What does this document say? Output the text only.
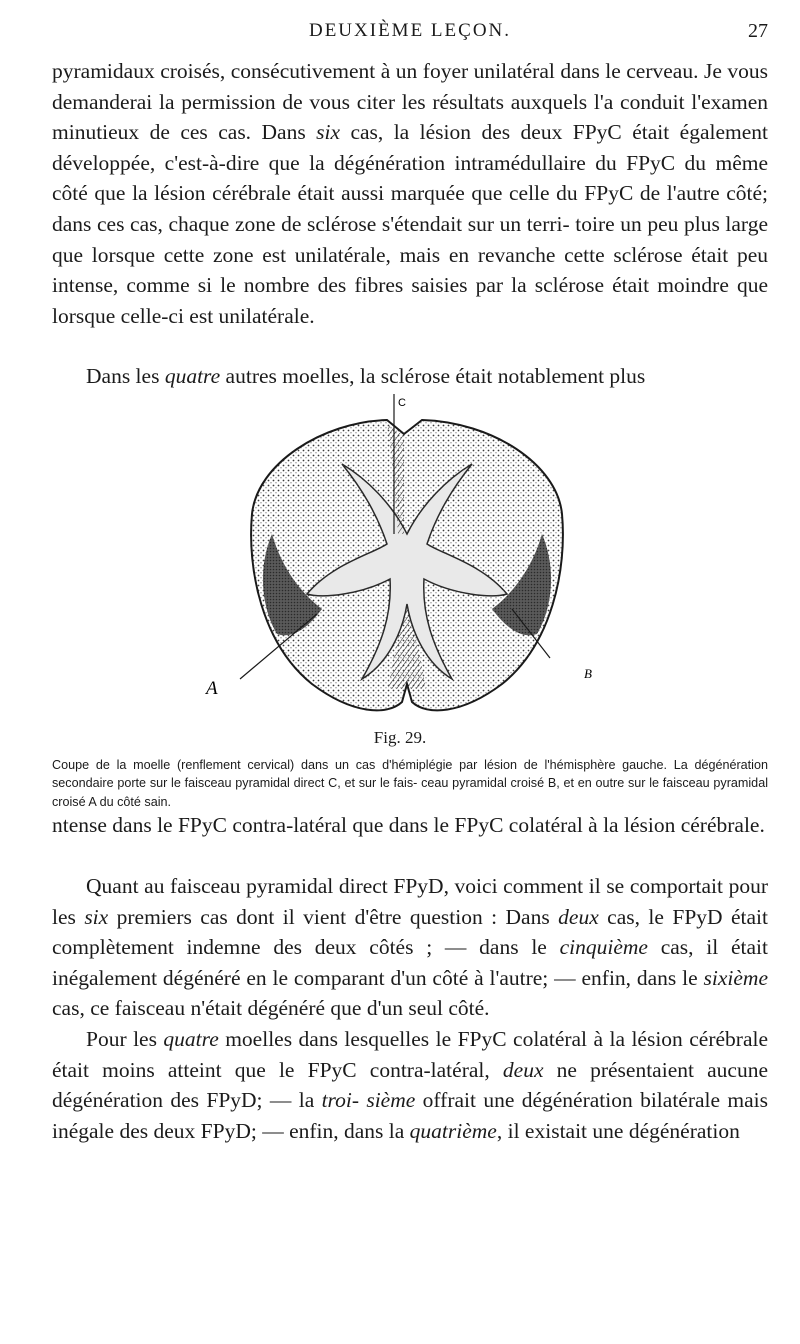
DEUXIÈME LEÇON.	27

pyramidaux croisés, consécutivement à un foyer unilatéral dans le cerveau. Je vous demanderai la permission de vous citer les résultats auxquels l'a conduit l'examen minutieux de ces cas. Dans six cas, la lésion des deux FPyC était également développée, c'est-à-dire que la dégénération intramédullaire du FPyC du même côté que la lésion cérébrale était aussi marquée que celle du FPyC de l'autre côté; dans ces cas, chaque zone de sclérose s'étendait sur un terri- toire un peu plus large que lorsque cette zone est unilatérale, mais en revanche cette sclérose était peu intense, comme si le nombre des fibres saisies par la sclérose était moindre que lorsque celle-ci est unilatérale.

Dans les quatre autres moelles, la sclérose était notablement plus

C
A
B
Fig. 29.

Coupe de la moelle (renflement cervical) dans un cas d'hémiplégie par lésion de l'hémisphère gauche. La dégénération secondaire porte sur le faisceau pyramidal direct C, et sur le fais- ceau pyramidal croisé B, et en outre sur le faisceau pyramidal croisé A du côté sain.

ntense dans le FPyC contra-latéral que dans le FPyC colatéral à la lésion cérébrale.

Quant au faisceau pyramidal direct FPyD, voici comment il se comportait pour les six premiers cas dont il vient d'être question : Dans deux cas, le FPyD était complètement indemne des deux côtés ; — dans le cinquième cas, il était inégalement dégénéré en le comparant d'un côté à l'autre; — enfin, dans le sixième cas, ce faisceau n'était dégénéré que d'un seul côté.

Pour les quatre moelles dans lesquelles le FPyC colatéral à la lésion cérébrale était moins atteint que le FPyC contra-latéral, deux ne présentaient aucune dégénération des FPyD; — la troi- sième offrait une dégénération bilatérale mais inégale des deux FPyD; — enfin, dans la quatrième, il existait une dégénération
